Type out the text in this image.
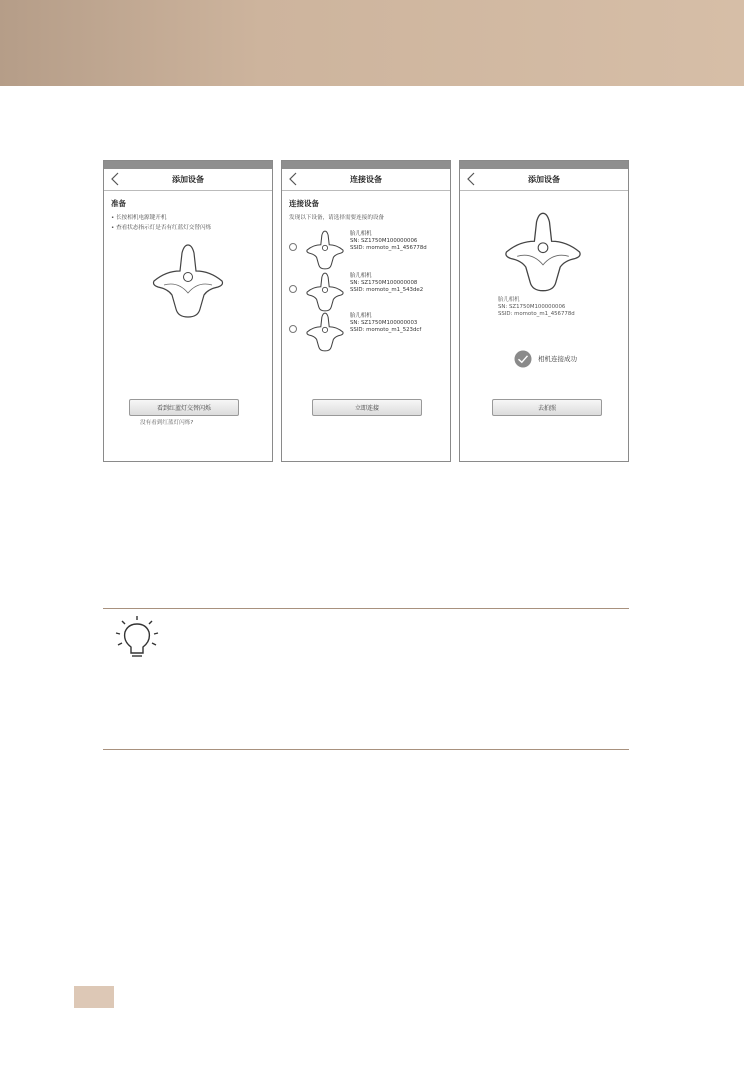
添加设备
准备
• 长按相机电源键开机
• 查看状态指示灯是否有红蓝灯交替闪烁
看到红蓝灯交替闪烁
没有看到红蓝灯闪烁?
连接设备
连接设备
发现以下设备，请选择需要连接的设备
胎儿相机
SN: SZ1750M100000006
SSID: momoto_m1_456778d
胎儿相机
SN: SZ1750M100000008
SSID: momoto_m1_543de2
胎儿相机
SN: SZ1750M100000003
SSID: momoto_m1_523dcf
立即连接
添加设备
胎儿相机
SN: SZ1750M100000006
SSID: momoto_m1_456778d
相机连接成功
去拍照
